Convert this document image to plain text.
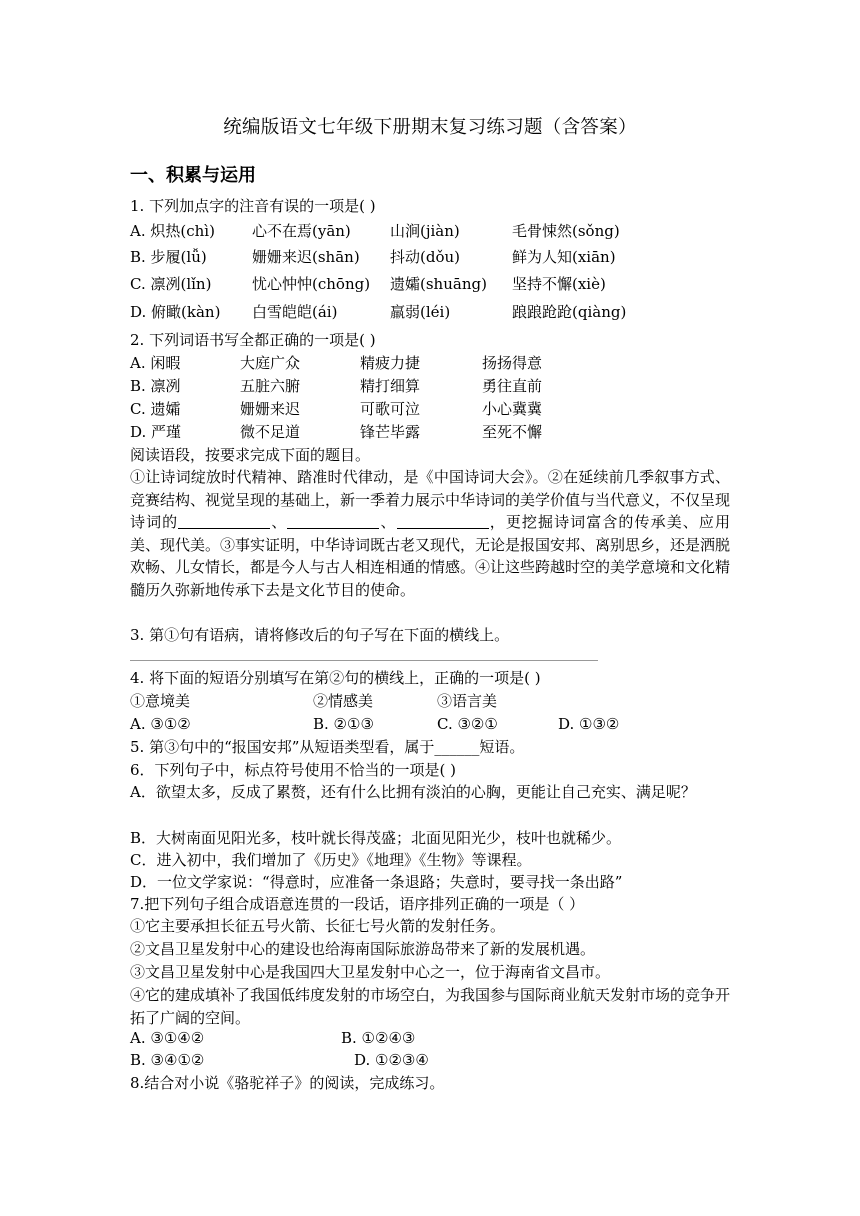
统编版语文七年级下册期末复习练习题（含答案）
一、积累与运用
1. 下列加点字的注音有误的一项是( )
A. 炽热(chì) 心不在焉(yān)	山涧(jiàn)	毛骨悚然(sǒng)
B. 步履(lǚ)	姗姗来迟(shān) 抖动(dǒu)	鲜为人知(xiān)
C. 凛冽(lǐn)	忧心忡忡(chōng) 遗孀(shuāng) 坚持不懈(xiè)
D. 俯瞰(kàn) 白雪皑皑(ái)	羸弱(léi)	踉踉跄跄(qiàng)
2. 下列词语书写全都正确的一项是( )
A. 闲暇	大庭广众	精疲力捷	扬扬得意
B. 凛冽	五脏六腑	精打细算	勇往直前
C. 遗孀	姗姗来迟	可歌可泣	小心冀冀
D. 严瑾	微不足道	锋芒毕露	至死不懈
阅读语段，按要求完成下面的题目。
①让诗词绽放时代精神、踏准时代律动，是《中国诗词大会》。②在延续前几季叙事方式、竞赛结构、视觉呈现的基础上，新一季着力展示中华诗词的美学价值与当代意义，不仅呈现诗词的	、	、	，更挖掘诗词富含的传承美、应用美、现代美。③事实证明，中华诗词既古老又现代，无论是报国安邦、离别思乡，还是洒脱欢畅、儿女情长，都是今人与古人相连相通的情感。④让这些跨越时空的美学意境和文化精髓历久弥新地传承下去是文化节目的使命。
3. 第①句有语病，请将修改后的句子写在下面的横线上。
4. 将下面的短语分别填写在第②句的横线上，正确的一项是( )
①意境美	②情感美	③语言美
A. ③①②	B. ②①③	C. ③②①	D. ①③②
5. 第③句中的“报国安邦”从短语类型看，属于______短语。
6．下列句子中，标点符号使用不恰当的一项是( )
A．欲望太多，反成了累赘，还有什么比拥有淡泊的心胸，更能让自己充实、满足呢？
B．大树南面见阳光多，枝叶就长得茂盛；北面见阳光少，枝叶也就稀少。
C．进入初中，我们增加了《历史》《地理》《生物》等课程。
D．一位文学家说：“得意时，应准备一条退路；失意时，要寻找一条出路”
7.把下列句子组合成语意连贯的一段话，语序排列正确的一项是（ ）
①它主要承担长征五号火箭、长征七号火箭的发射任务。
②文昌卫星发射中心的建设也给海南国际旅游岛带来了新的发展机遇。
③文昌卫星发射中心是我国四大卫星发射中心之一，位于海南省文昌市。
④它的建成填补了我国低纬度发射的市场空白，为我国参与国际商业航天发射市场的竞争开拓了广阔的空间。
A. ③①④②	B. ①②④③
B. ③④①②	D. ①②③④
8.结合对小说《骆驼祥子》的阅读，完成练习。
